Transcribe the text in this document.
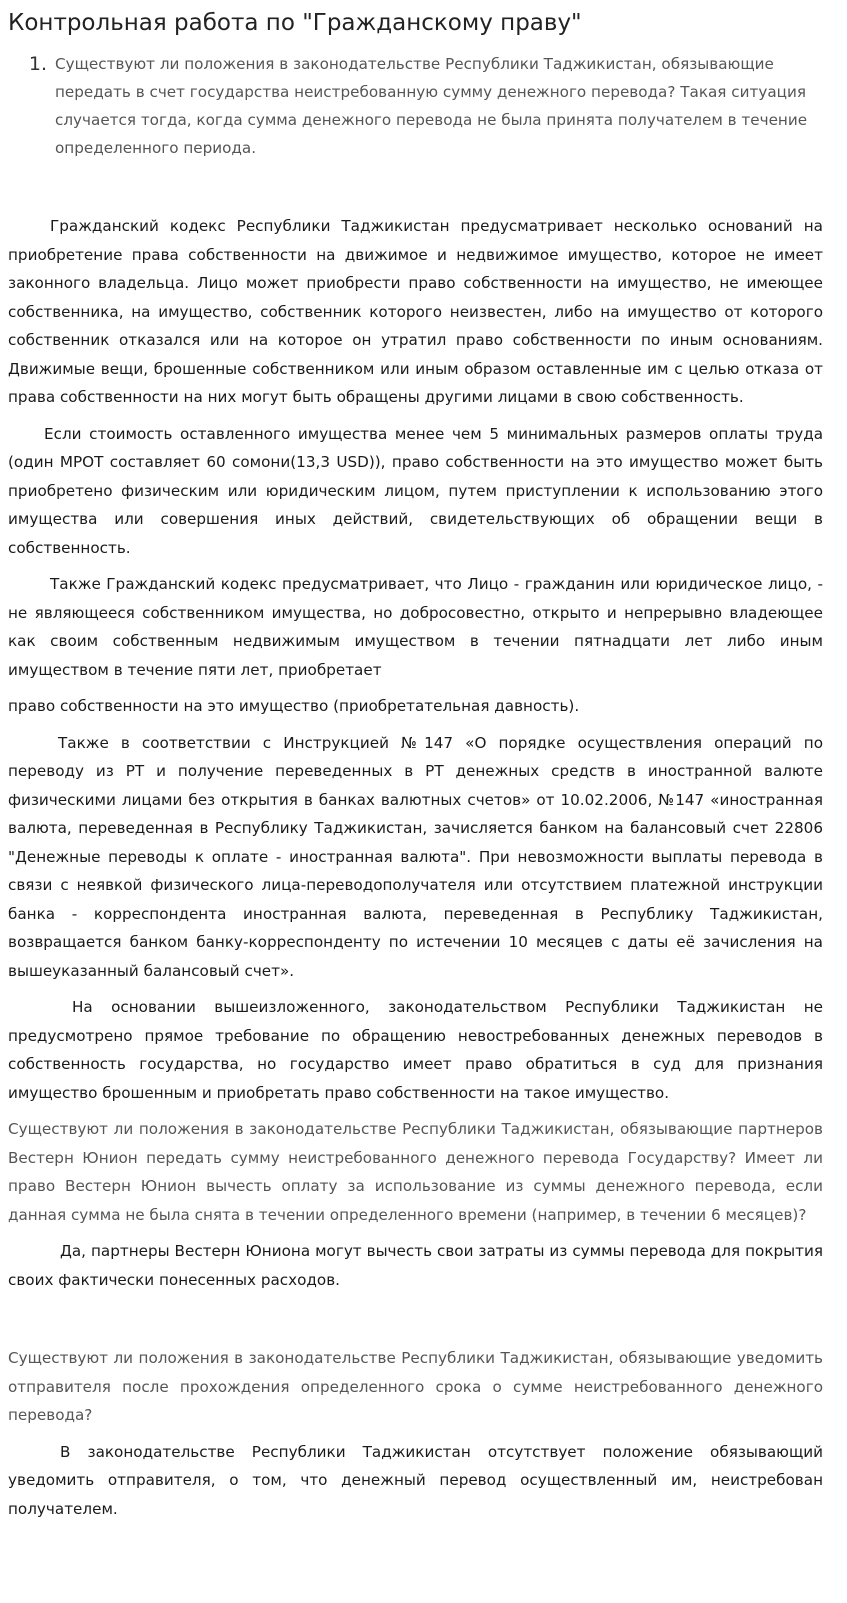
Контрольная работа по "Гражданскому праву"
1. Существуют ли положения в законодательстве Республики Таджикистан, обязывающие передать в счет государства неистребованную сумму денежного перевода? Такая ситуация случается тогда, когда сумма денежного перевода не была принята получателем в течение определенного периода.

Гражданский кодекс Республики Таджикистан предусматривает несколько оснований на приобретение права собственности на движимое и недвижимое имущество, которое не имеет законного владельца. Лицо может приобрести право собственности на имущество, не имеющее собственника, на имущество, собственник которого неизвестен, либо на имущество от которого собственник отказался или на которое он утратил право собственности по иным основаниям. Движимые вещи, брошенные собственником или иным образом оставленные им с целью отказа от права собственности на них могут быть обращены другими лицами в свою собственность.

Если стоимость оставленного имущества менее чем 5 минимальных размеров оплаты труда (один МРОТ составляет 60 сомони(13,3 USD)), право собственности на это имущество может быть приобретено физическим или юридическим лицом, путем приступлении к использованию этого имущества или совершения иных действий, свидетельствующих об обращении вещи в собственность.

Также Гражданский кодекс предусматривает, что Лицо - гражданин или юридическое лицо, - не являющееся собственником имущества, но добросовестно, открыто и непрерывно владеющее как своим собственным недвижимым имуществом в течении пятнадцати лет либо иным имуществом в течение пяти лет, приобретает

право собственности на это имущество (приобретательная давность).

Также в соответствии с Инструкцией №147 «О порядке осуществления операций по переводу из РТ и получение переведенных в РТ денежных средств в иностранной валюте физическими лицами без открытия в банках валютных счетов» от 10.02.2006, №147 «иностранная валюта, переведенная в Республику Таджикистан, зачисляется банком на балансовый счет 22806 "Денежные переводы к оплате - иностранная валюта". При невозможности выплаты перевода в связи с неявкой физического лица-переводополучателя или отсутствием платежной инструкции банка - корреспондента иностранная валюта, переведенная в Республику Таджикистан, возвращается банком банку-корреспонденту по истечении 10 месяцев с даты её зачисления на вышеуказанный балансовый счет».

На основании вышеизложенного, законодательством Республики Таджикистан не предусмотрено прямое требование по обращению невостребованных денежных переводов в собственность государства, но государство имеет право обратиться в суд для признания имущество брошенным и приобретать право собственности на такое имущество.

Существуют ли положения в законодательстве Республики Таджикистан, обязывающие партнеров Вестерн Юнион передать сумму неистребованного денежного перевода Государству? Имеет ли право Вестерн Юнион вычесть оплату за использование из суммы денежного перевода, если данная сумма не была снята в течении определенного времени (например, в течении 6 месяцев)?

Да, партнеры Вестерн Юниона могут вычесть свои затраты из суммы перевода для покрытия своих фактически понесенных расходов.

Существуют ли положения в законодательстве Республики Таджикистан, обязывающие уведомить отправителя после прохождения определенного срока о сумме неистребованного денежного перевода?

В законодательстве Республики Таджикистан отсутствует положение обязывающий уведомить отправителя, о том, что денежный перевод осуществленный им, неистребован получателем.
